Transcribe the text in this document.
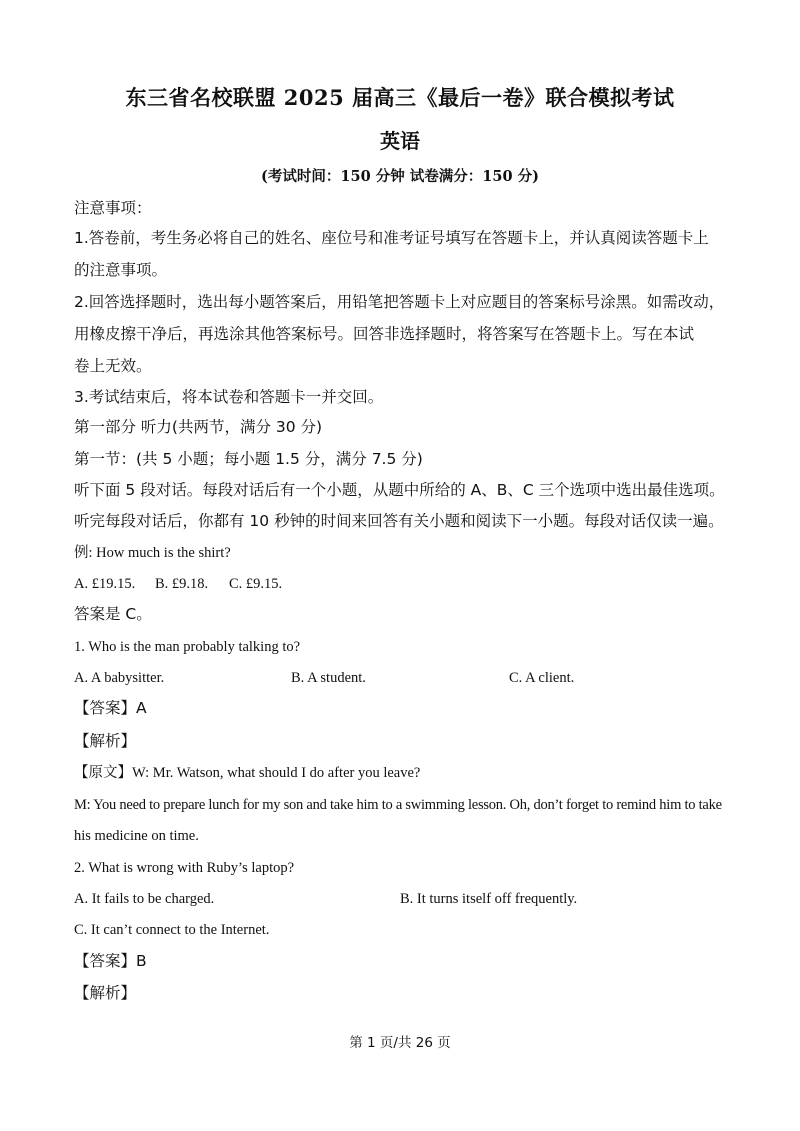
东三省名校联盟 2025 届高三《最后一卷》联合模拟考试
英语
(考试时间：150 分钟 试卷满分：150 分)
注意事项：
1.答卷前，考生务必将自己的姓名、座位号和准考证号填写在答题卡上，并认真阅读答题卡上
的注意事项。
2.回答选择题时，选出每小题答案后，用铅笔把答题卡上对应题目的答案标号涂黑。如需改动，
用橡皮擦干净后，再选涂其他答案标号。回答非选择题时，将答案写在答题卡上。写在本试
卷上无效。
3.考试结束后，将本试卷和答题卡一并交回。
第一部分 听力(共两节，满分 30 分)
第一节：(共 5 小题；每小题 1.5 分，满分 7.5 分)
听下面 5 段对话。每段对话后有一个小题，从题中所给的 A、B、C 三个选项中选出最佳选项。
听完每段对话后，你都有 10 秒钟的时间来回答有关小题和阅读下一小题。每段对话仅读一遍。
例: How much is the shirt?
A. £19.15. B. £9.18. C. £9.15.
答案是 C。
1. Who is the man probably talking to?
A. A babysitter.	B. A student.	C. A client.
【答案】A
【解析】
【原文】W: Mr. Watson, what should I do after you leave?
M: You need to prepare lunch for my son and take him to a swimming lesson. Oh, don’t forget to remind him to take
his medicine on time.
2. What is wrong with Ruby’s laptop?
A. It fails to be charged.	B. It turns itself off frequently.
C. It can’t connect to the Internet.
【答案】B
【解析】
第 1 页/共 26 页
